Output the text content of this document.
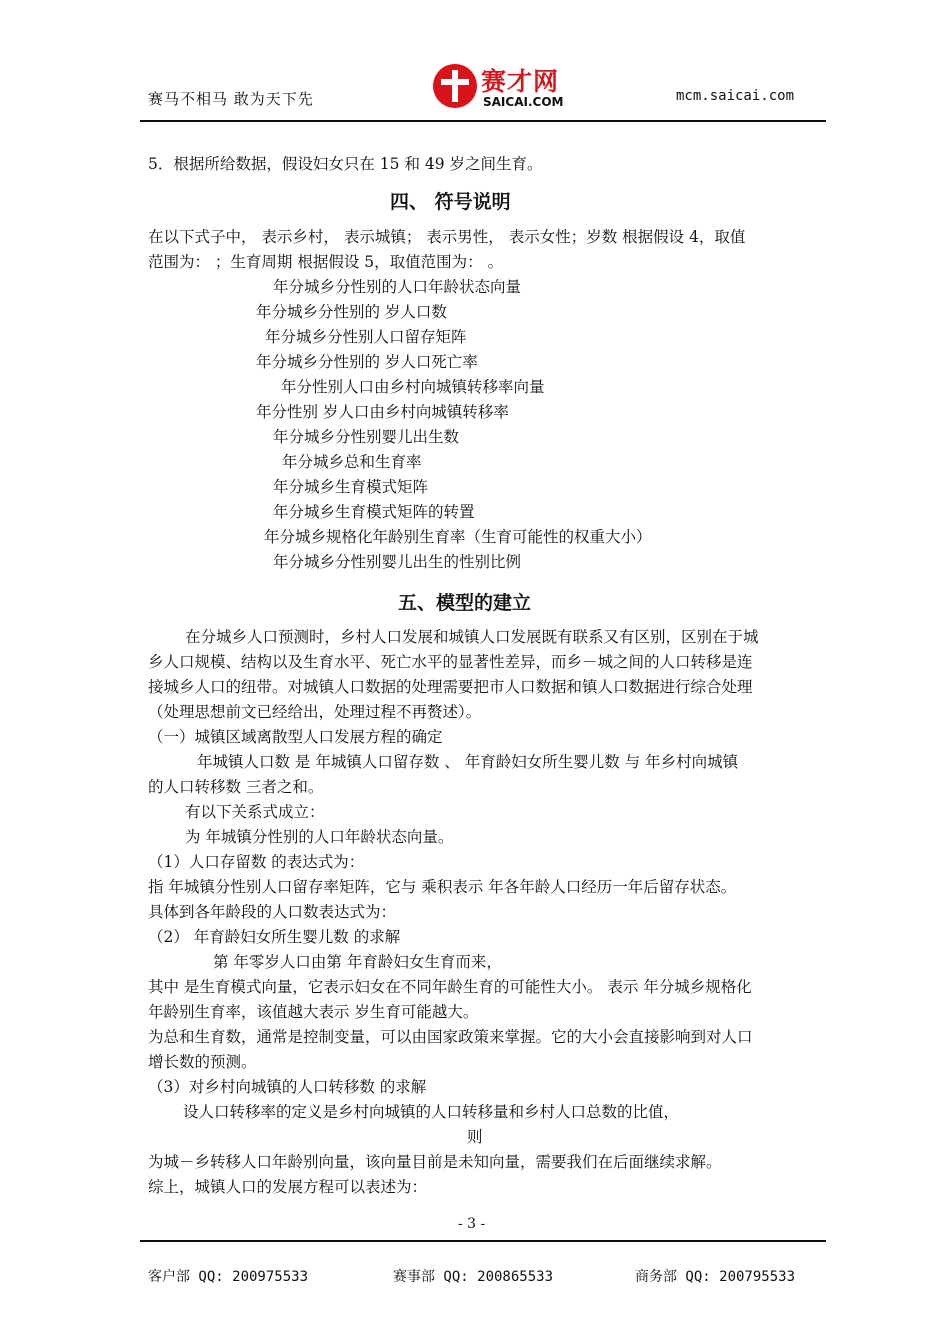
赛马不相马 敢为天下先
赛才网
SAICAI.COM	mcm.saicai.com
5．根据所给数据，假设妇女只在 15 和 49 岁之间生育。
四、 符号说明
在以下式子中， 表示乡村， 表示城镇； 表示男性， 表示女性；岁数 根据假设 4，取值
范围为： ；生育周期 根据假设 5，取值范围为： 。
年分城乡分性别的人口年龄状态向量
年分城乡分性别的 岁人口数
年分城乡分性别人口留存矩阵
年分城乡分性别的 岁人口死亡率
年分性别人口由乡村向城镇转移率向量
年分性别 岁人口由乡村向城镇转移率
年分城乡分性别婴儿出生数
年分城乡总和生育率
年分城乡生育模式矩阵
年分城乡生育模式矩阵的转置
年分城乡规格化年龄别生育率（生育可能性的权重大小）
年分城乡分性别婴儿出生的性别比例
五、模型的建立
在分城乡人口预测时，乡村人口发展和城镇人口发展既有联系又有区别，区别在于城
乡人口规模、结构以及生育水平、死亡水平的显著性差异，而乡－城之间的人口转移是连
接城乡人口的纽带。对城镇人口数据的处理需要把市人口数据和镇人口数据进行综合处理
（处理思想前文已经给出，处理过程不再赘述）。
（一）城镇区域离散型人口发展方程的确定
年城镇人口数 是 年城镇人口留存数 、 年育龄妇女所生婴儿数 与 年乡村向城镇
的人口转移数 三者之和。
有以下关系式成立：
为 年城镇分性别的人口年龄状态向量。
（1）人口存留数 的表达式为：
指 年城镇分性别人口留存率矩阵，它与 乘积表示 年各年龄人口经历一年后留存状态。
具体到各年龄段的人口数表达式为：
（2） 年育龄妇女所生婴儿数 的求解
第 年零岁人口由第 年育龄妇女生育而来，
其中 是生育模式向量，它表示妇女在不同年龄生育的可能性大小。 表示 年分城乡规格化
年龄别生育率，该值越大表示 岁生育可能越大。
为总和生育数，通常是控制变量，可以由国家政策来掌握。它的大小会直接影响到对人口
增长数的预测。
（3）对乡村向城镇的人口转移数 的求解
设人口转移率的定义是乡村向城镇的人口转移量和乡村人口总数的比值，
则
为城－乡转移人口年龄别向量，该向量目前是未知向量，需要我们在后面继续求解。
综上，城镇人口的发展方程可以表述为：
- 3 -
客户部 QQ: 200975533	赛事部 QQ: 200865533	商务部 QQ: 200795533
